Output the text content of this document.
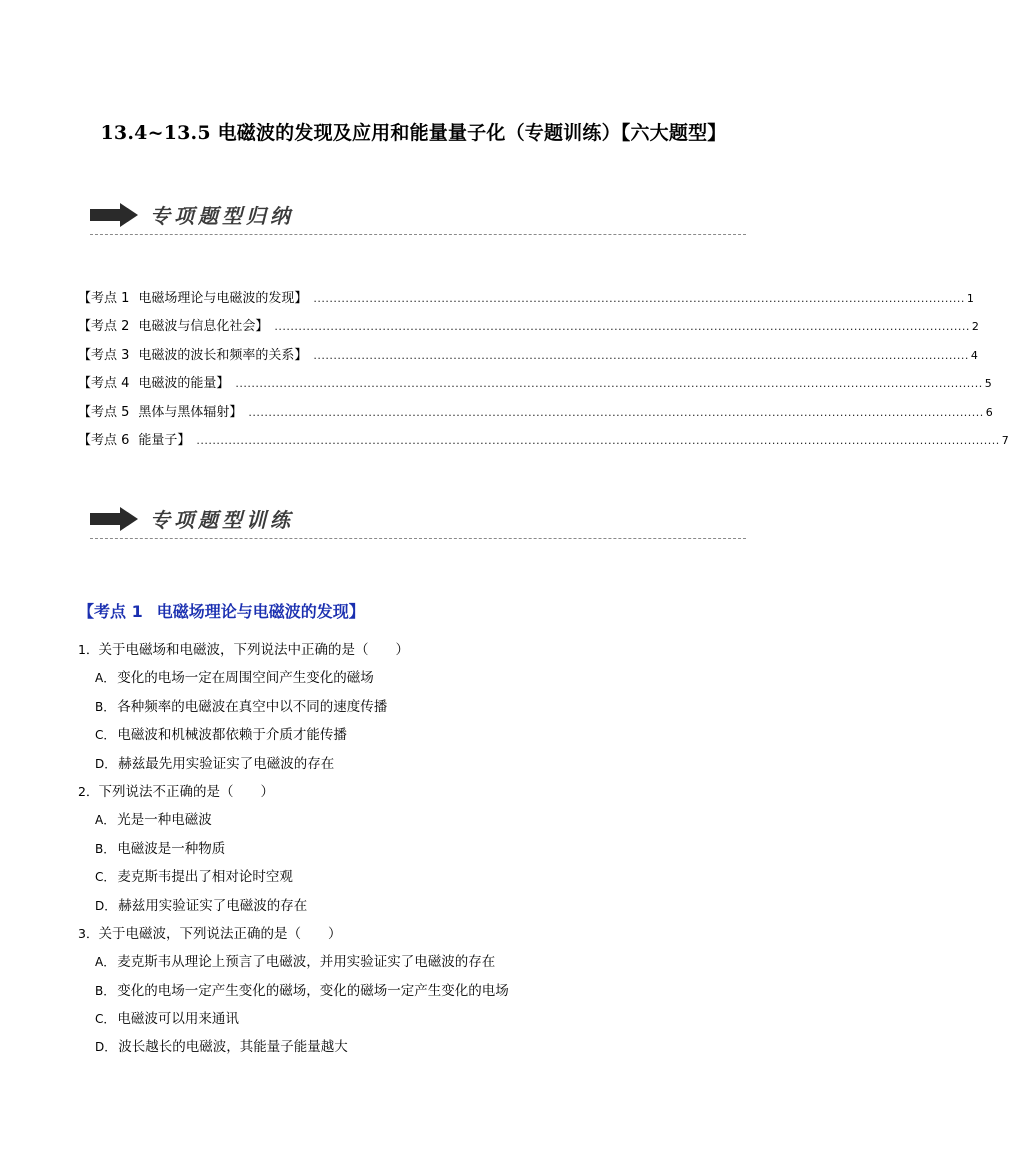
13.4~13.5 电磁波的发现及应用和能量量子化（专题训练）【六大题型】
专项题型归纳
【考点 1 电磁场理论与电磁波的发现】 ................................................................................................................................................................... 1
【考点 2 电磁波与信息化社会】 .............................................................................................................................................................................. 2
【考点 3 电磁波的波长和频率的关系】 .................................................................................................................................................................... 4
【考点 4 电磁波的能量】 ........................................................................................................................................................................................... 5
【考点 5 黑体与黑体辐射】 ........................................................................................................................................................................................ 6
【考点 6 能量子】 ......................................................................................................................................................................................................... 7
专项题型训练
【考点 1 电磁场理论与电磁波的发现】
1．关于电磁场和电磁波，下列说法中正确的是（　　）
A． 变化的电场一定在周围空间产生变化的磁场
B． 各种频率的电磁波在真空中以不同的速度传播
C． 电磁波和机械波都依赖于介质才能传播
D． 赫兹最先用实验证实了电磁波的存在
2．下列说法不正确的是（　　）
A． 光是一种电磁波
B． 电磁波是一种物质
C． 麦克斯韦提出了相对论时空观
D． 赫兹用实验证实了电磁波的存在
3．关于电磁波，下列说法正确的是（　　）
A． 麦克斯韦从理论上预言了电磁波，并用实验证实了电磁波的存在
B． 变化的电场一定产生变化的磁场，变化的磁场一定产生变化的电场
C． 电磁波可以用来通讯
D． 波长越长的电磁波，其能量子能量越大
